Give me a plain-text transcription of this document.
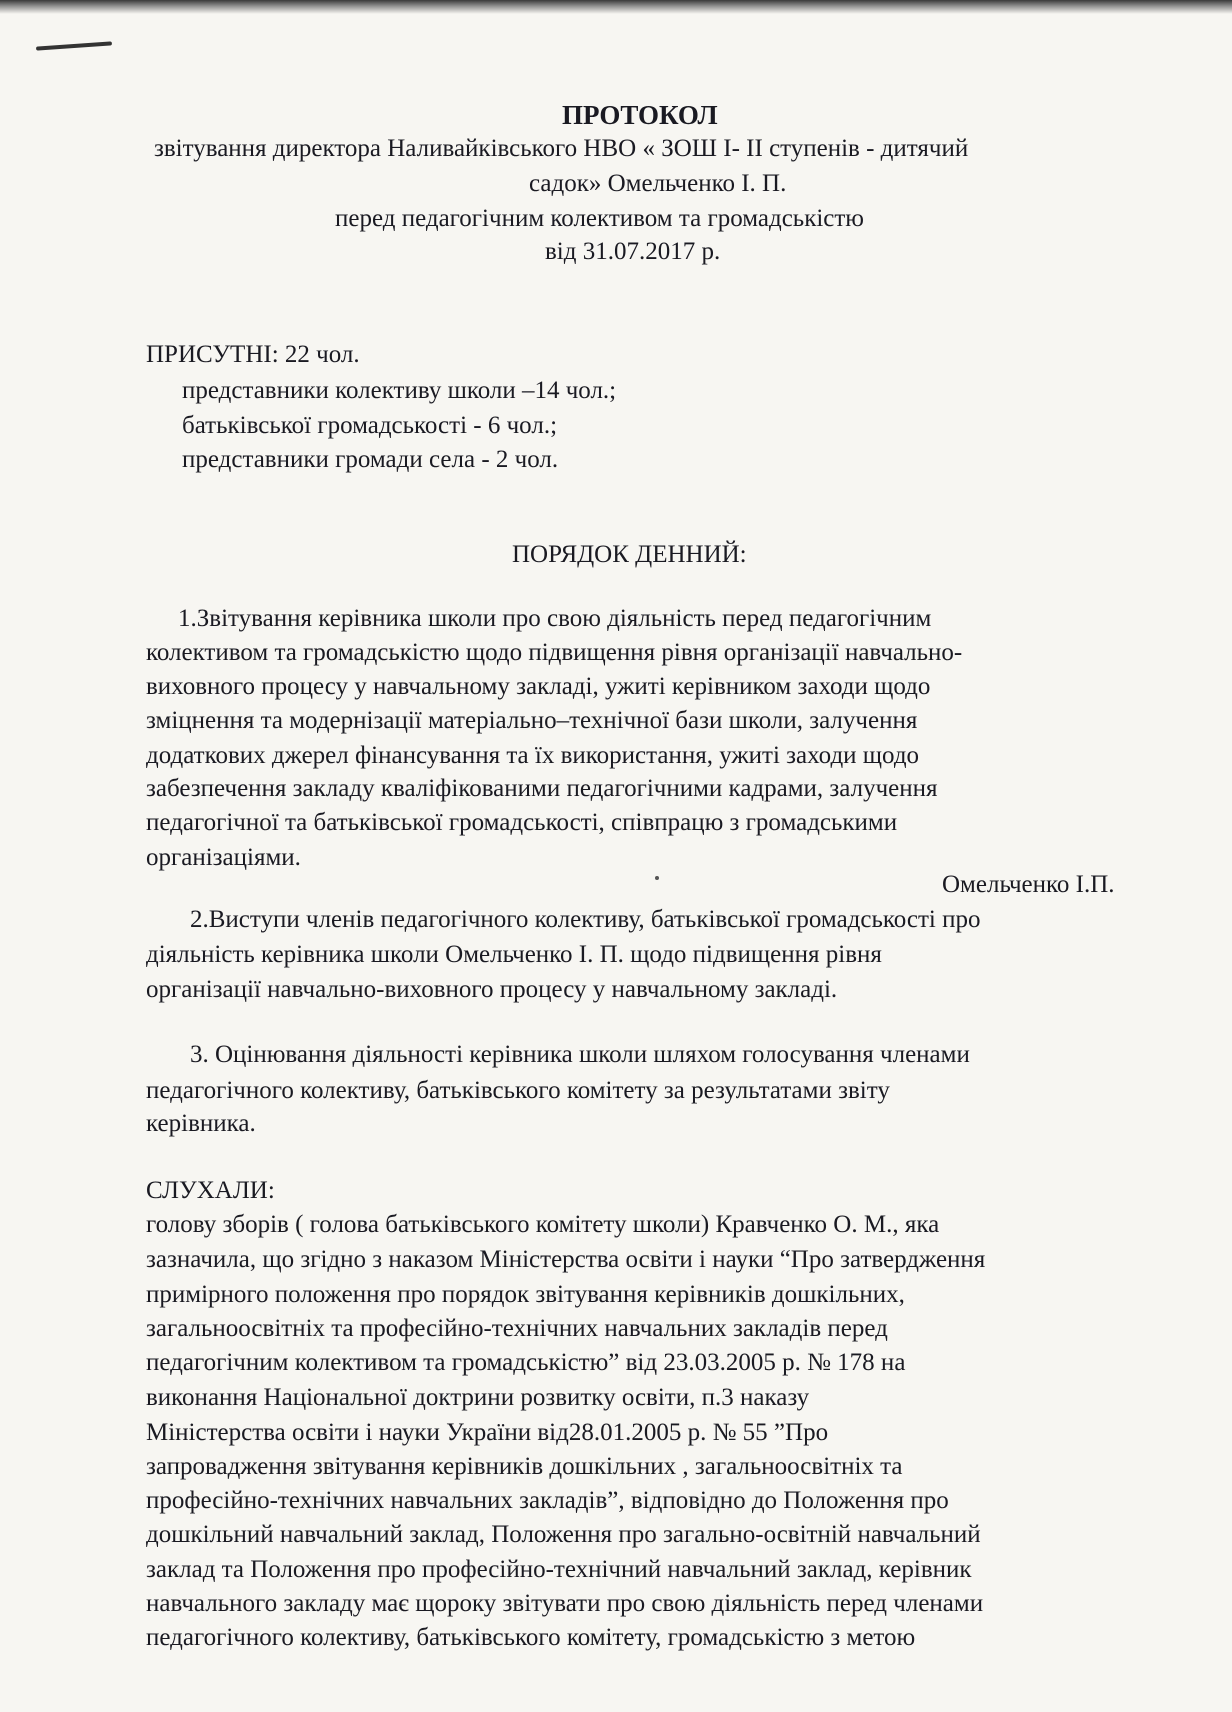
ПРОТОКОЛ
звітування директора Наливайківського НВО « ЗОШ І- ІІ ступенів - дитячий
садок» Омельченко І. П.
перед педагогічним колективом та громадськістю
від 31.07.2017 р.
ПРИСУТНІ: 22 чол.
представники колективу школи –14 чол.;
батьківської громадськості - 6 чол.;
представники громади села - 2 чол.
ПОРЯДОК ДЕННИЙ:
1.Звітування керівника школи про свою діяльність перед педагогічним
колективом та громадськістю щодо підвищення рівня організації навчально-
виховного процесу у навчальному закладі, ужиті керівником заходи щодо
зміцнення та модернізації матеріально–технічної бази школи, залучення
додаткових джерел фінансування та їх використання, ужиті заходи щодо
забезпечення закладу кваліфікованими педагогічними кадрами, залучення
педагогічної та батьківської громадськості, співпрацю з громадськими
організаціями.
Омельченко І.П.
2.Виступи членів педагогічного колективу, батьківської громадськості про
діяльність керівника школи Омельченко І. П. щодо підвищення рівня
організації навчально-виховного процесу у навчальному закладі.
3. Оцінювання діяльності керівника школи шляхом голосування членами
педагогічного колективу, батьківського комітету за результатами звіту
керівника.
СЛУХАЛИ:
голову зборів ( голова батьківського комітету школи) Кравченко О. М., яка
зазначила, що згідно з наказом Міністерства освіти і науки “Про затвердження
примірного положення про порядок звітування керівників дошкільних,
загальноосвітніх та професійно-технічних навчальних закладів перед
педагогічним колективом та громадськістю” від 23.03.2005 р. № 178 на
виконання Національної доктрини розвитку освіти, п.3 наказу
Міністерства освіти і науки України від28.01.2005 р. № 55 ”Про
запровадження звітування керівників дошкільних , загальноосвітніх та
професійно-технічних навчальних закладів”, відповідно до Положення про
дошкільний навчальний заклад, Положення про загально-освітній навчальний
заклад та Положення про професійно-технічний навчальний заклад, керівник
навчального закладу має щороку звітувати про свою діяльність перед членами
педагогічного колективу, батьківського комітету, громадськістю з метою
